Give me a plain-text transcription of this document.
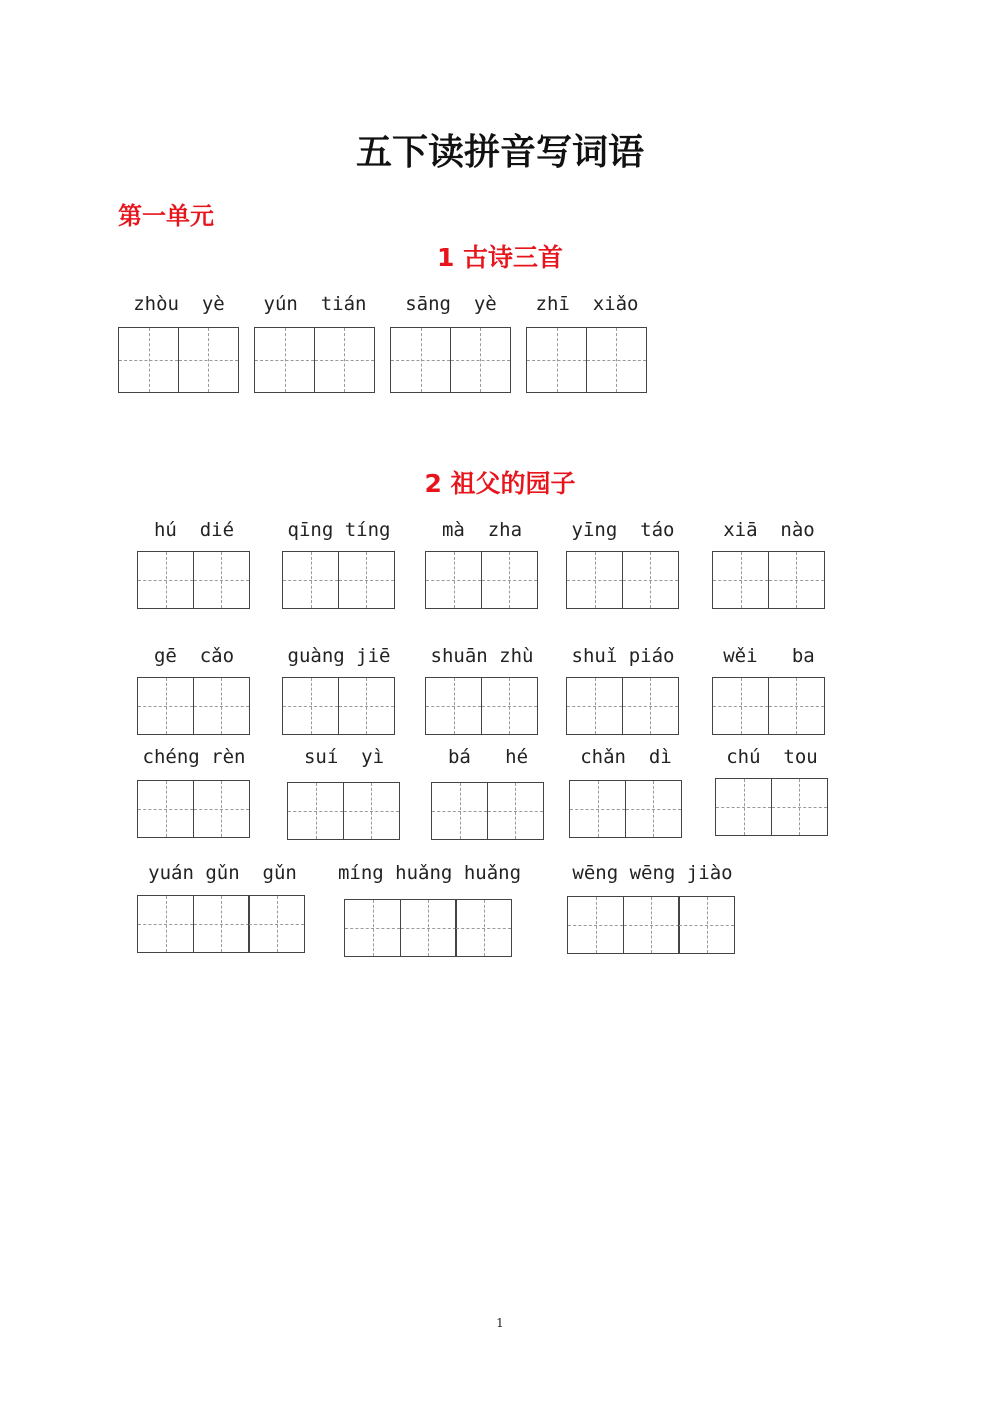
五下读拼音写词语
第一单元
1 古诗三首
2 祖父的园子
zhòu  yè	yún  tián	sāng  yè	zhī  xiǎo
hú  dié	qīng tíng	mà  zha	yīng  táo	xiā  nào
gē  cǎo	guàng jiē	shuān zhù	shuǐ piáo	wěi   ba
chéng rèn	suí  yì	bá   hé	chǎn  dì	chú  tou
yuán gǔn  gǔn	míng huǎng huǎng	wēng wēng jiào
1
